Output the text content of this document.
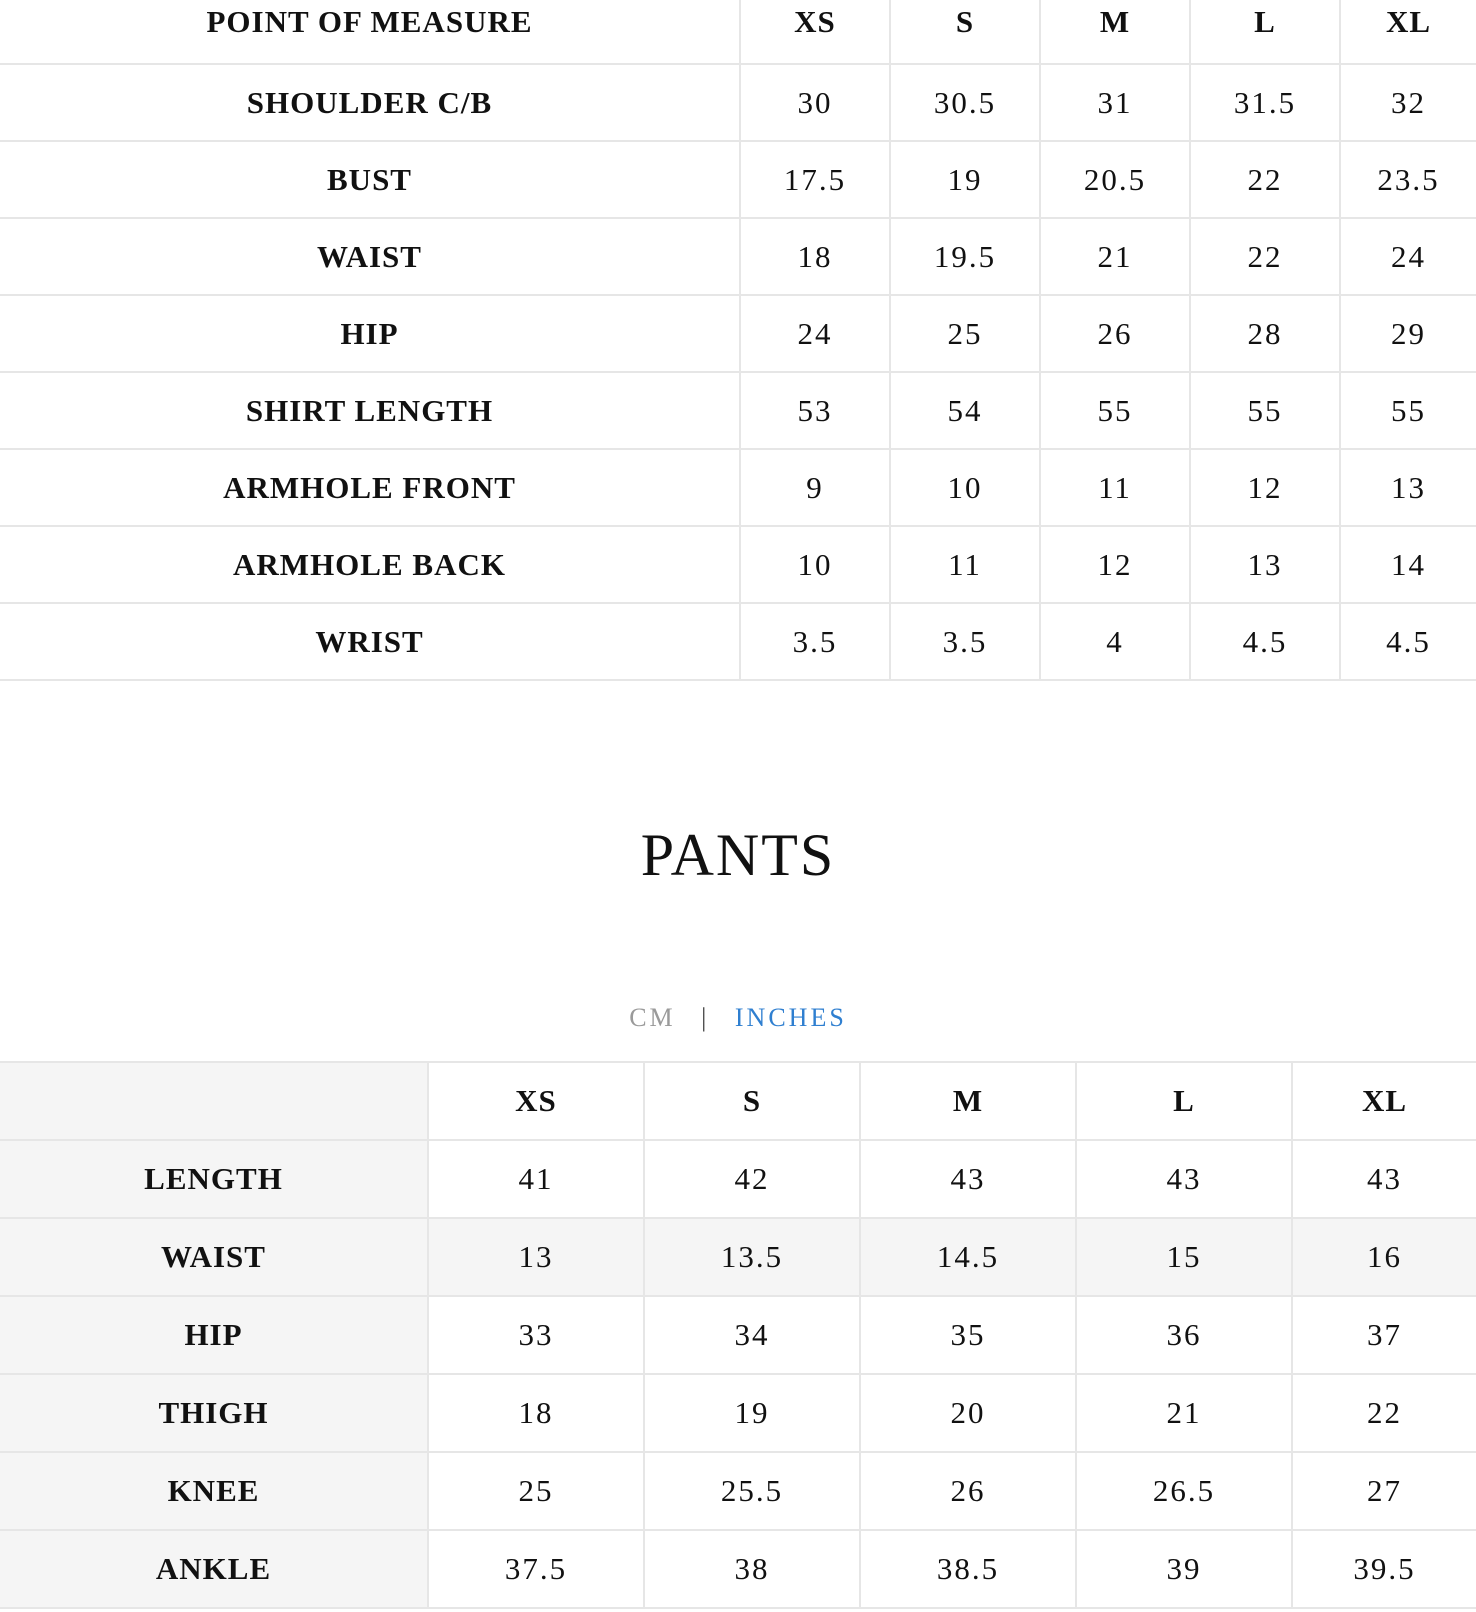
POINT OF MEASURE	XS	S	M	L	XL
SHOULDER C/B	30	30.5	31	31.5	32
BUST	17.5	19	20.5	22	23.5
WAIST	18	19.5	21	22	24
HIP	24	25	26	28	29
SHIRT LENGTH	53	54	55	55	55
ARMHOLE FRONT	9	10	11	12	13
ARMHOLE BACK	10	11	12	13	14
WRIST	3.5	3.5	4	4.5	4.5
PANTS
CM | INCHES
	XS	S	M	L	XL
LENGTH	41	42	43	43	43
WAIST	13	13.5	14.5	15	16
HIP	33	34	35	36	37
THIGH	18	19	20	21	22
KNEE	25	25.5	26	26.5	27
ANKLE	37.5	38	38.5	39	39.5
